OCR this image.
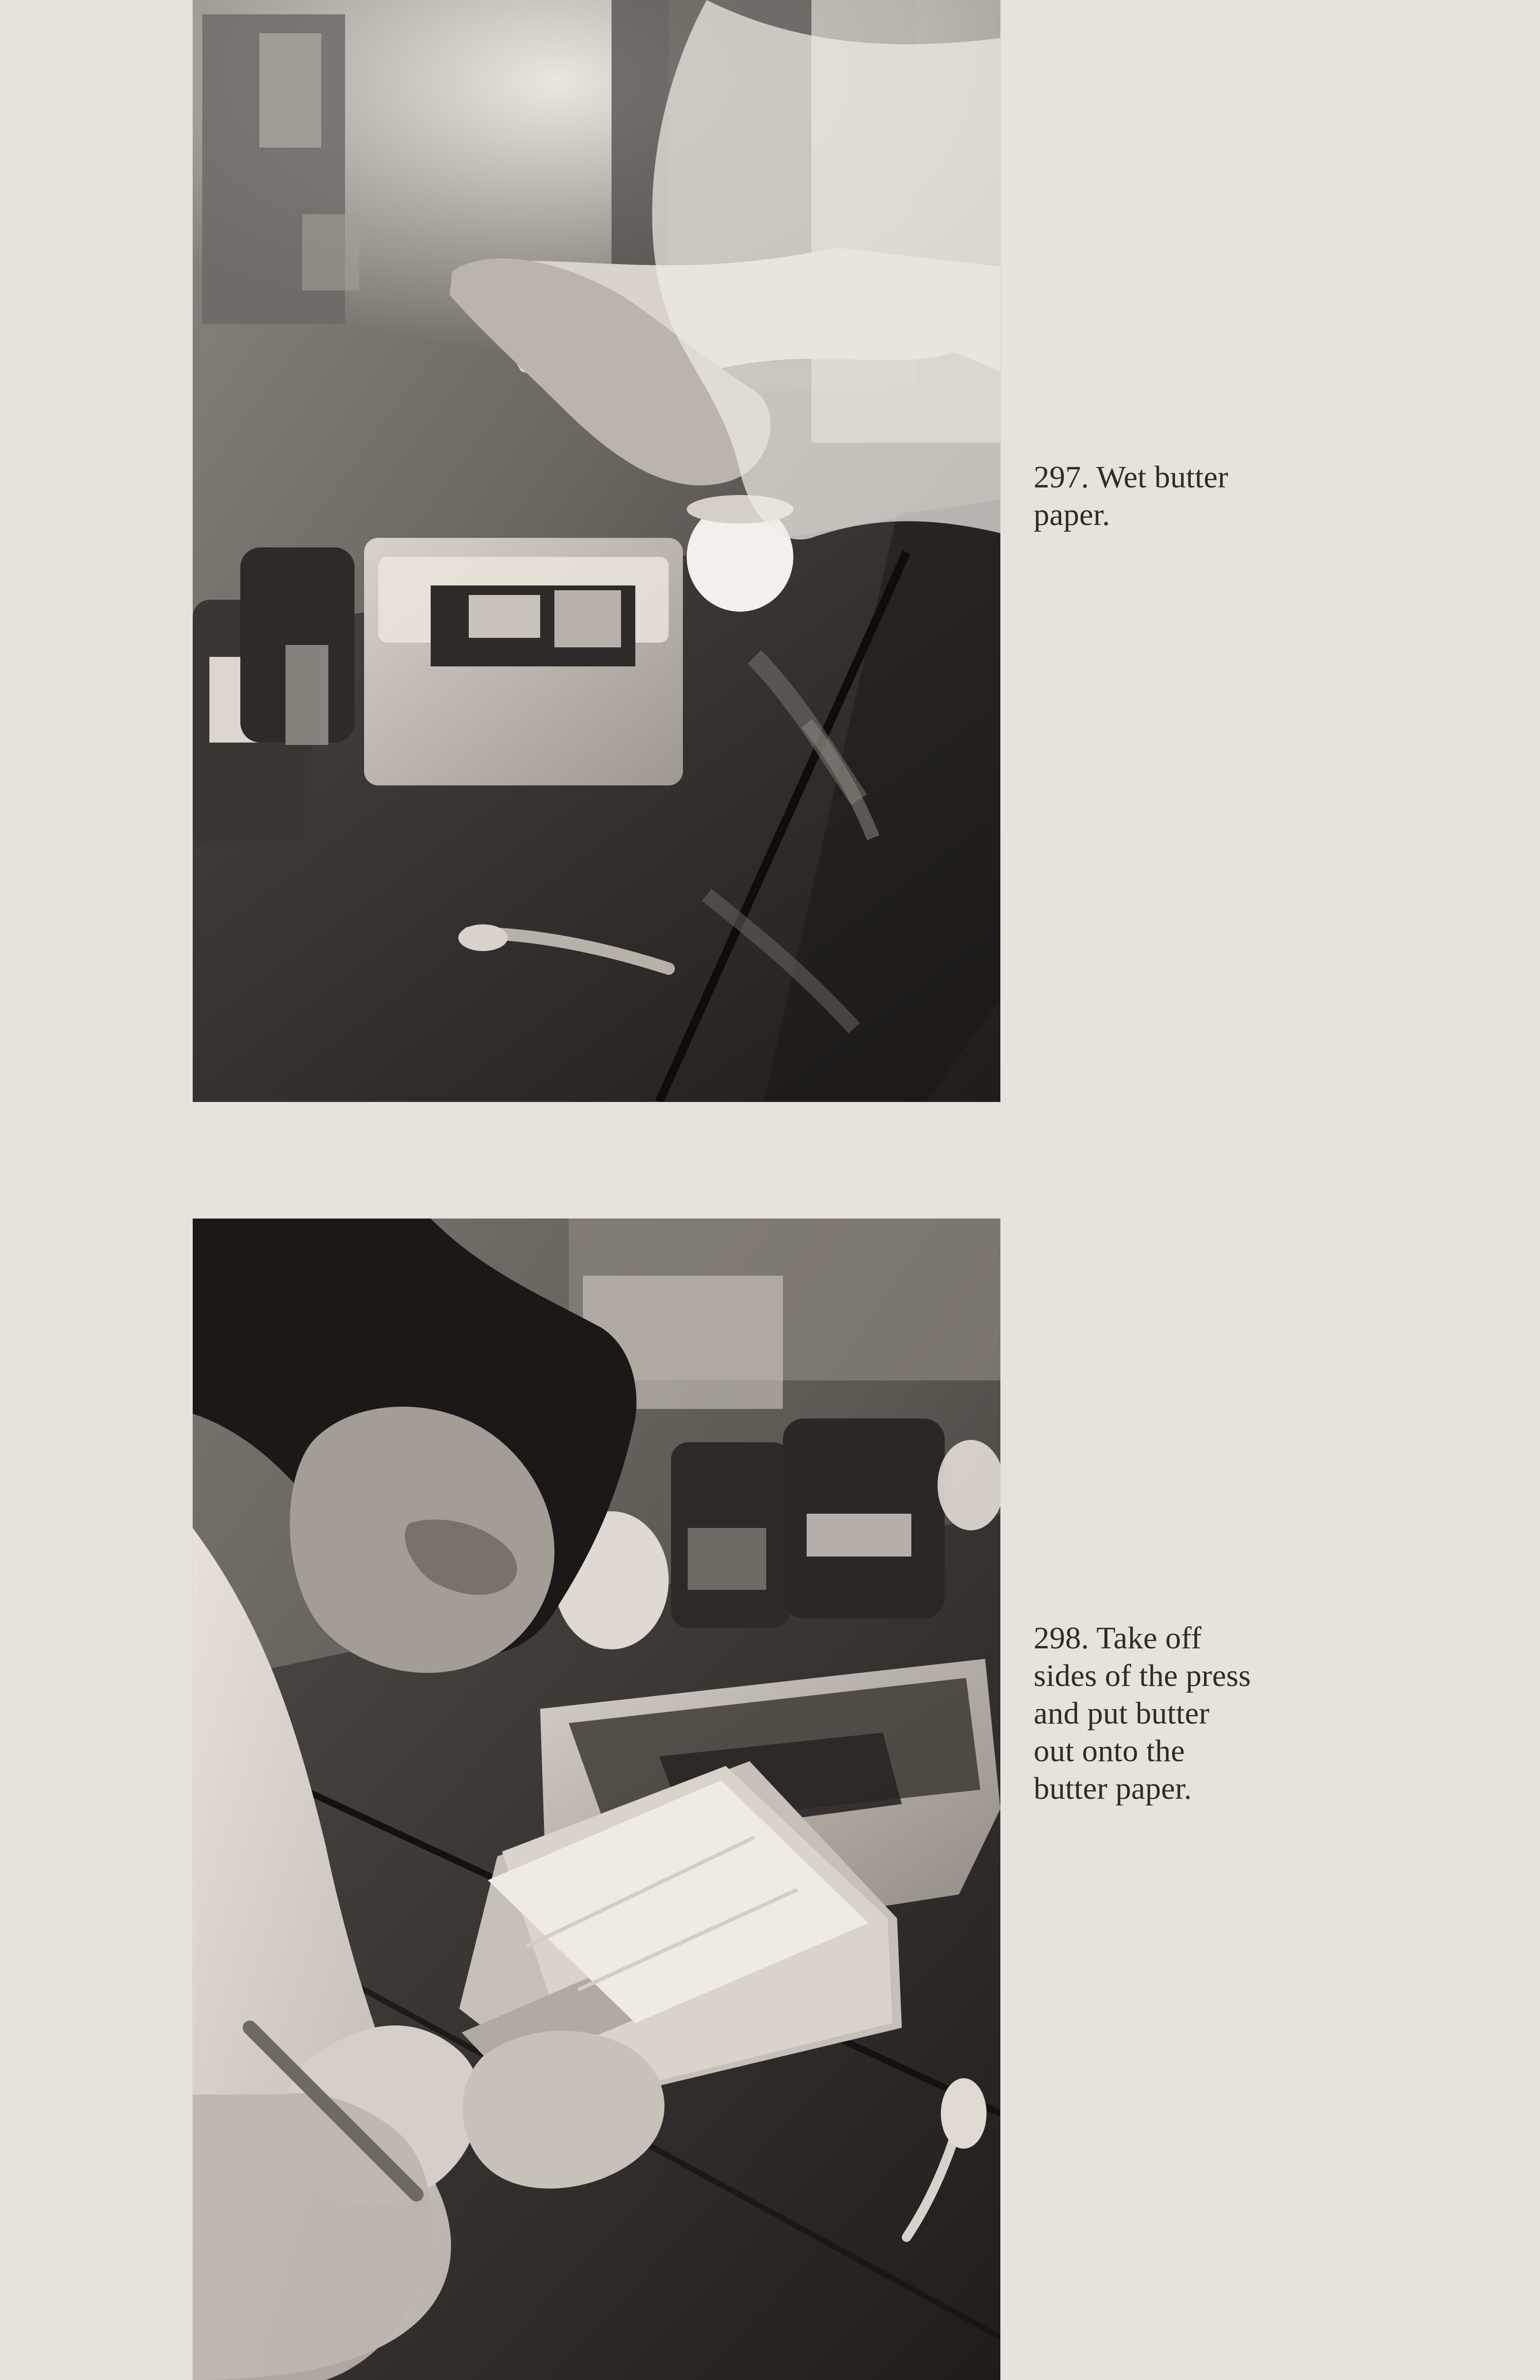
297. Wet butter
paper.

298. Take off
sides of the press
and put butter
out onto the
butter paper.
